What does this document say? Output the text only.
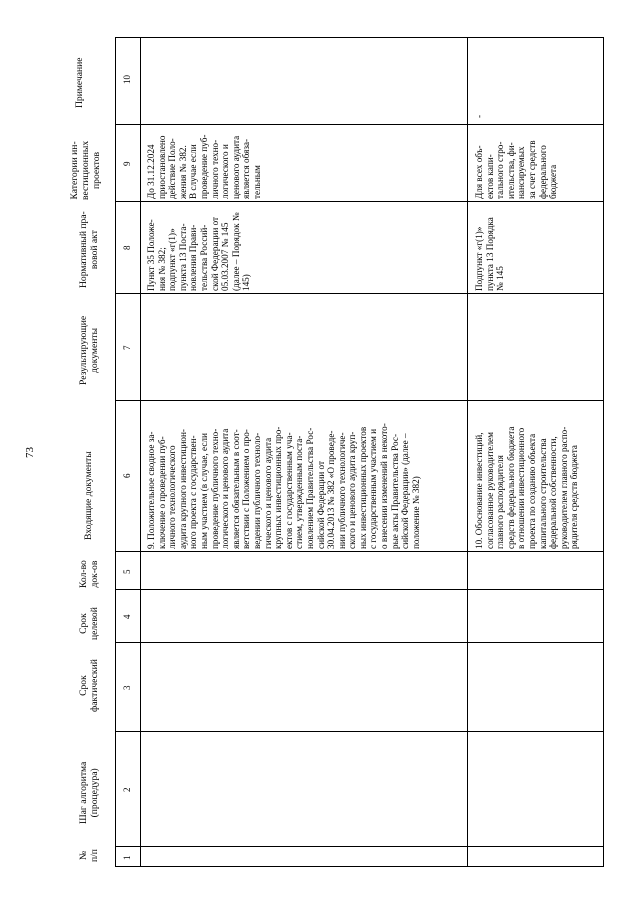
73
Примечание
Категории ин- вестиционных проектов
Нормативный пра- вовой акт
Результирующие документы
Входящие документы
Кол-во док-ов
Срок целевой
Срок фактический
Шаг алгоритма (процедура)
№ п/п
10
9
8
7
6
5
4
3
2
1
До 31.12.2024 приостановлено действие Поло- жения № 382. В случае если проведение пуб- личного техно- логического и ценового аудита является обяза- тельным
Пункт 35 Положе- ния № 382; подпункт «г(1)» пункта 13 Поста- новления Прави- тельства Россий- ской Федерации от 05.03.2007 № 145 (далее – Порядок № 145)
9. Положительное сводное за- ключение о проведении пуб- личного технологического аудита крупного инвестицион- ного проекта с государствен- ным участием (в случае, если проведение публичного техно- логического и ценового аудита является обязательным в соот- ветствии с Положением о про- ведении публичного техноло- гического и ценового аудита крупных инвестиционных про- ектов с государственным уча- стием, утвержденным поста- новлением Правительства Рос- сийской Федерации от 30.04.2013 № 382 «О проведе- нии публичного технологиче- ского и ценового аудита круп- ных инвестиционных проектов с государственным участием и о внесении изменений в некото- рые акты Правительства Рос- сийской Федерации» (далее – положение № 382)
-
Для всех объ- ектов капи- тального стро- ительства, фи- нансируемых за счет средств федерального бюджета
Подпункт «г(1)» пункта 13 Порядка № 145
10. Обоснование инвестиций, согласованное руководителем главного распорядителя средств федерального бюджета в отношении инвестиционного проекта по созданию объекта капитального строительства федеральной собственности, руководителем главного распо- рядителя средств бюджета
